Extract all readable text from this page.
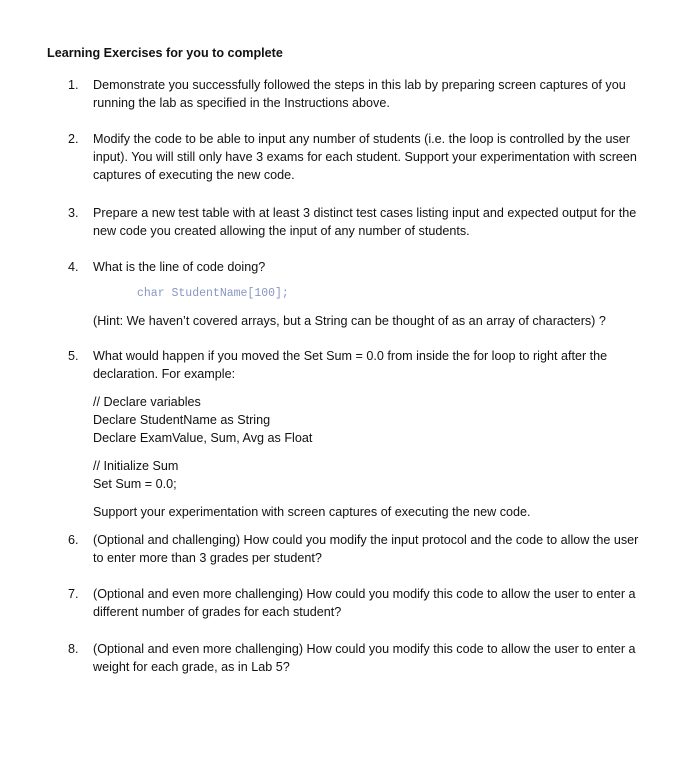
Learning Exercises for you to complete
1. Demonstrate you successfully followed the steps in this lab by preparing screen captures of you running the lab as specified in the Instructions above.

2. Modify the code to be able to input any number of students (i.e. the loop is controlled by the user input). You will still only have 3 exams for each student. Support your experimentation with screen captures of executing the new code.

3. Prepare a new test table with at least 3 distinct test cases listing input and expected output for the new code you created allowing the input of any number of students.

4. What is the line of code doing?

char StudentName[100];

(Hint: We haven’t covered arrays, but a String can be thought of as an array of characters) ?

5. What would happen if you moved the Set Sum = 0.0 from inside the for loop to right after the declaration. For example:

// Declare variables

Declare StudentName as String

Declare ExamValue, Sum, Avg as Float

// Initialize Sum

Set Sum = 0.0;

Support your experimentation with screen captures of executing the new code.

6. (Optional and challenging) How could you modify the input protocol and the code to allow the user to enter more than 3 grades per student?

7. (Optional and even more challenging) How could you modify this code to allow the user to enter a different number of grades for each student?

8. (Optional and even more challenging) How could you modify this code to allow the user to enter a weight for each grade, as in Lab 5?
